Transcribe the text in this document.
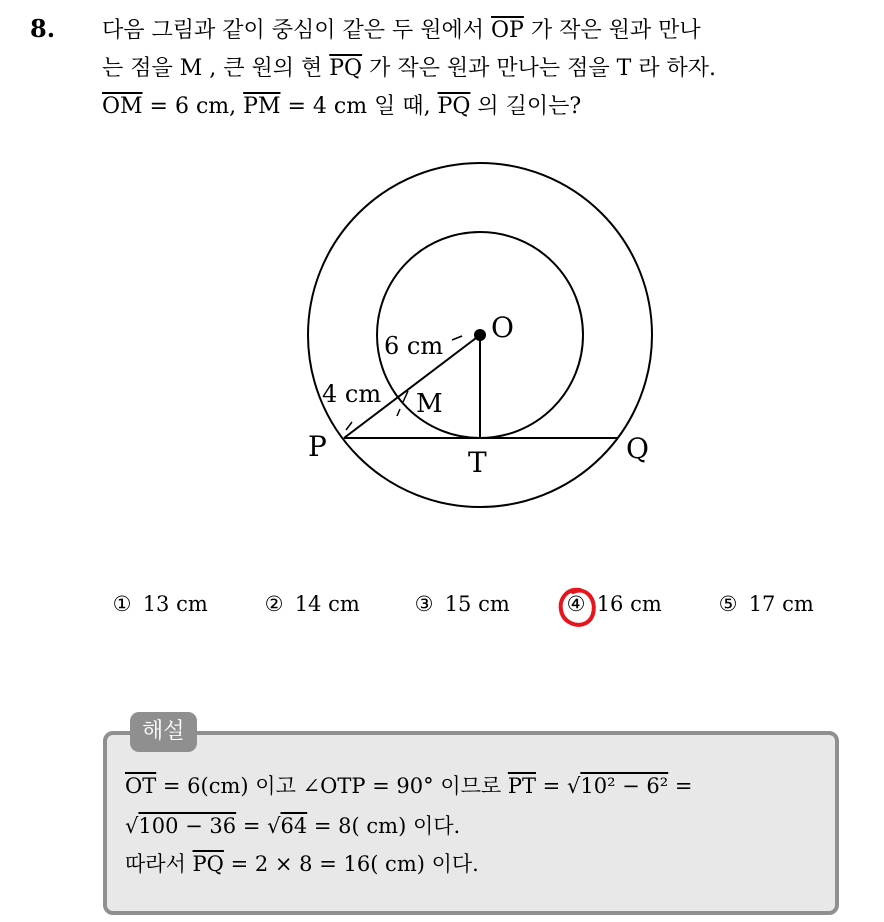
8. 다음 그림과 같이 중심이 같은 두 원에서 $\overline{OP}$ 가 작은 원과 만나
는 점을 M , 큰 원의 현 $\overline{PQ}$ 가 작은 원과 만나는 점을 T 라 하자.
$\overline{OM} = 6$ cm, $\overline{PM} = 4$ cm 일 때, $\overline{PQ}$ 의 길이는?
O
M
P	Q
T
6 cm
4 cm
① 13 cm	② 14 cm	③ 15 cm	④ 16 cm	⑤ 17 cm
해설
$\overline{OT} = 6(cm)$ 이고 ∠OTP = 90° 이므로 $\overline{PT} = √10^2 - 6^2$ =
√100 − 36 = √64 = 8( cm) 이다.
따라서 $\overline{PQ} = 2 \times 8 = 16$( cm) 이다.
